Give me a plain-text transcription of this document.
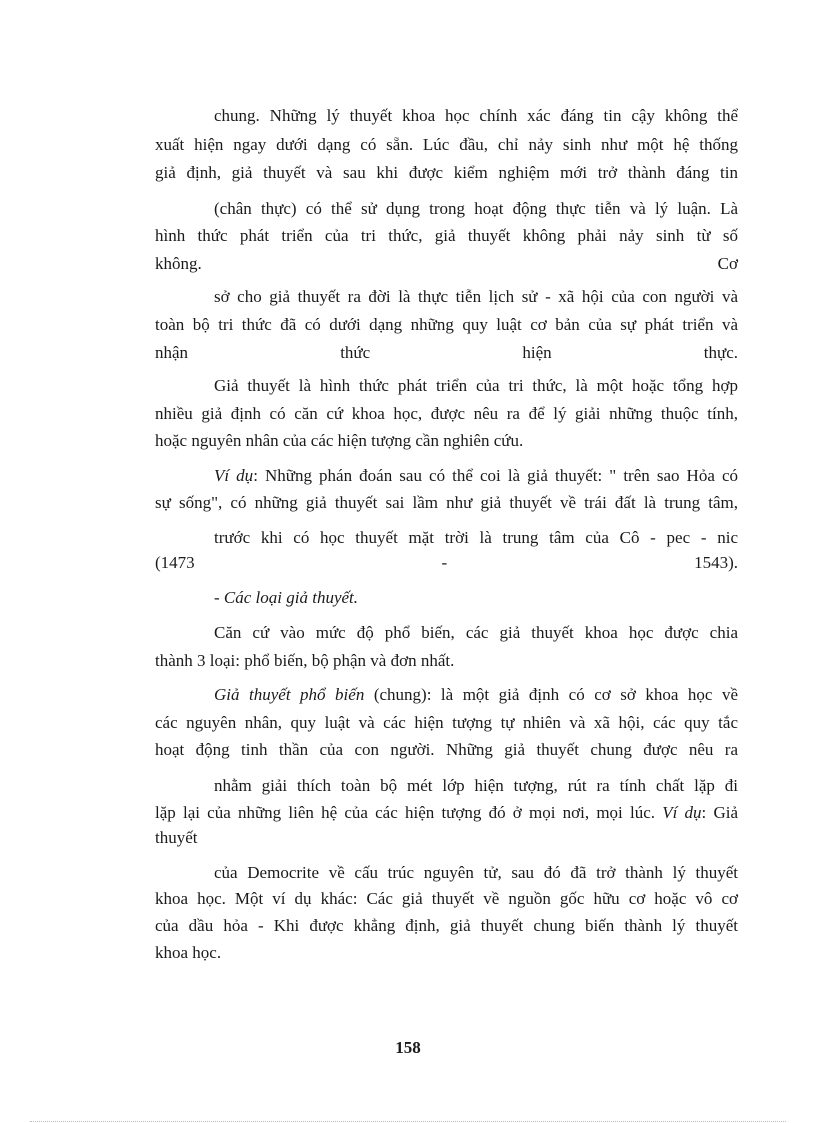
chung. Những lý thuyết khoa học chính xác đáng tin cậy không thể
xuất hiện ngay dưới dạng có sẵn. Lúc đầu, chỉ nảy sinh như một hệ thống
giả định, giả thuyết và sau khi được kiểm nghiệm mới trở thành đáng tin
(chân thực) có thể sử dụng trong hoạt động thực tiễn và lý luận. Là
hình thức phát triển của tri thức, giả thuyết không phải nảy sinh từ số
không.	Cơ
sở cho giả thuyết ra đời là thực tiễn lịch sử - xã hội của con người và
toàn bộ tri thức đã có dưới dạng những quy luật cơ bản của sự phát triển và
nhận	thức	hiện	thực.
Giả thuyết là hình thức phát triển của tri thức, là một hoặc tổng hợp
nhiều giả định có căn cứ khoa học, được nêu ra để lý giải những thuộc tính,
hoặc nguyên nhân của các hiện tượng cần nghiên cứu.
Ví dụ: Những phán đoán sau có thể coi là giả thuyết: " trên sao Hỏa có
sự sống", có những giả thuyết sai lầm như giả thuyết về trái đất là trung tâm,
trước khi có học thuyết mặt trời là trung tâm của Cô - pec - nic
(1473	-	1543).
- Các loại giả thuyết.
Căn cứ vào mức độ phổ biến, các giả thuyết khoa học được chia
thành 3 loại: phổ biến, bộ phận và đơn nhất.
Giả thuyết phổ biến (chung): là một giả định có cơ sở khoa học về
các nguyên nhân, quy luật và các hiện tượng tự nhiên và xã hội, các quy tắc
hoạt động tinh thần của con người. Những giả thuyết chung được nêu ra
nhằm giải thích toàn bộ mét lớp hiện tượng, rút ra tính chất lặp đi
lặp lại của những liên hệ của các hiện tượng đó ở mọi nơi, mọi lúc. Ví dụ: Giả
thuyết
của Democrite về cấu trúc nguyên tử, sau đó đã trở thành lý thuyết
khoa học. Một ví dụ khác: Các giả thuyết về nguồn gốc hữu cơ hoặc vô cơ
của dầu hỏa - Khi được khẳng định, giả thuyết chung biến thành lý thuyết
khoa học.
158
